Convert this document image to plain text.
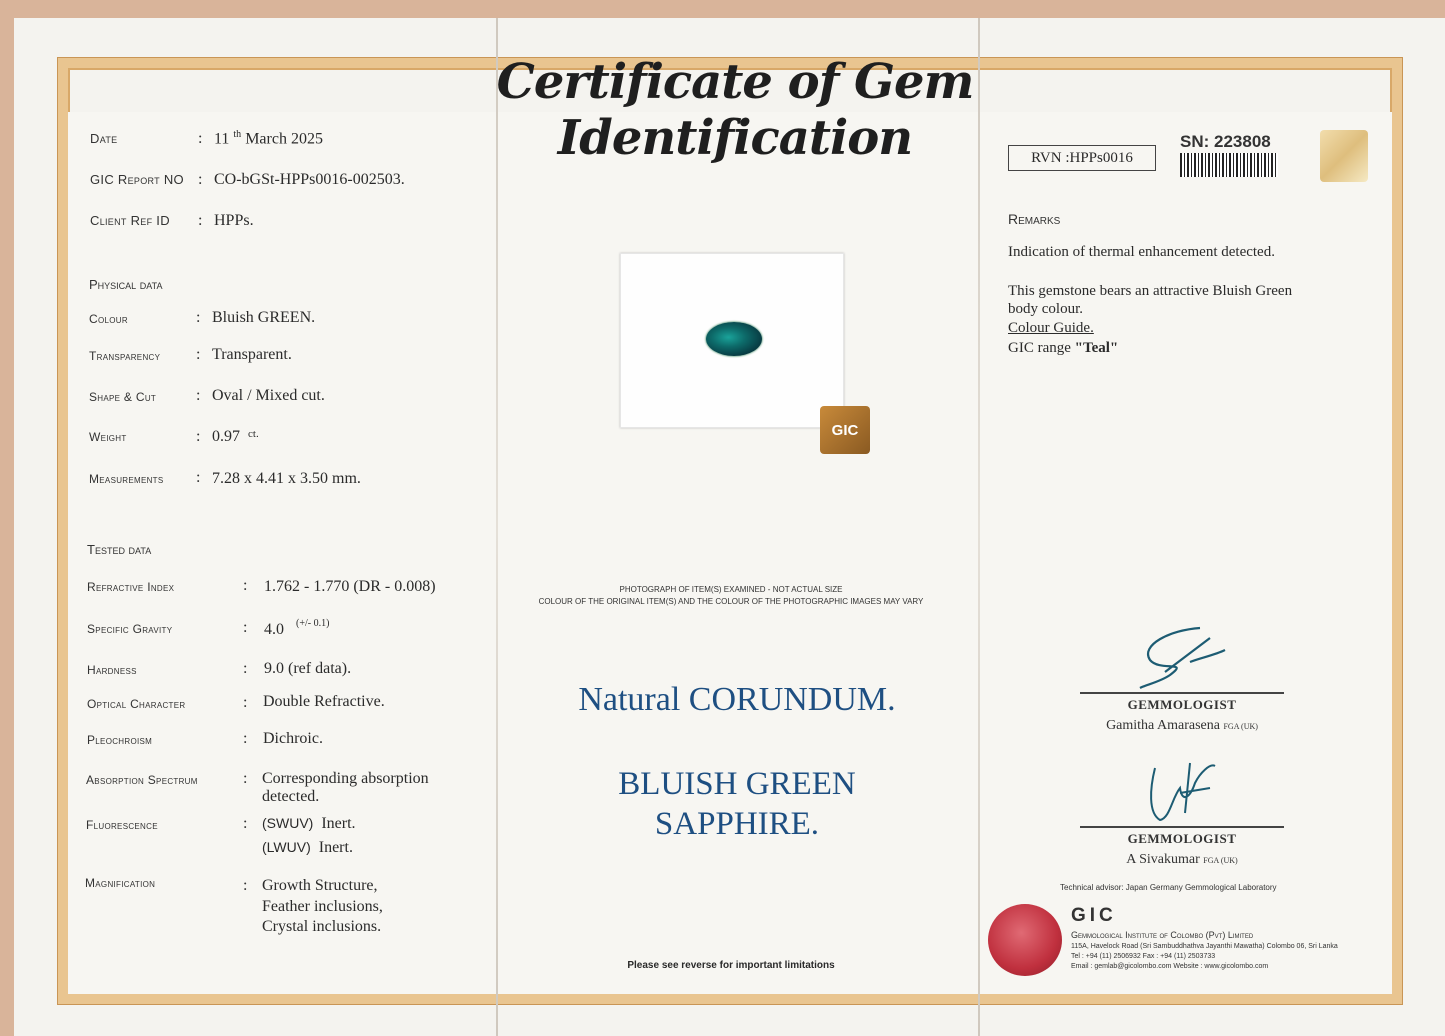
Certificate of Gem Identification
Date	: 11 $^{th}$ March 2025
GIC Report NO : CO-bGSt-HPPs0016-002503.
Client Ref ID : HPPs.
Physical data
Colour	: Bluish GREEN.
Transparency : Transparent.
Shape & Cut : Oval / Mixed cut.
Weight	: 0.97 $^{ct.}$
Measurements : 7.28 x 4.41 x 3.50 mm.
Tested data
Refractive Index	: 1.762 - 1.770 (DR - 0.008)
Specific Gravity	: 4.0 $^{(+/- 0.1)}$
Hardness	: 9.0 (ref data).
Optical Character	: Double Refractive.
Pleochroism	: Dichroic.
Absorption Spectrum	: Corresponding absorption
detected.
Fluorescence	: (SWUV) Inert.
(LWUV) Inert.
Magnification	: Growth Structure,
Feather inclusions,
Crystal inclusions.
GIC
PHOTOGRAPH OF ITEM(S) EXAMINED - NOT ACTUAL SIZE
COLOUR OF THE ORIGINAL ITEM(S) AND THE COLOUR OF THE PHOTOGRAPHIC IMAGES MAY VARY
Natural CORUNDUM.
BLUISH GREEN
SAPPHIRE.
Please see reverse for important limitations
RVN :HPPs0016
SN: 223808
Remarks
Indication of thermal enhancement detected.
This gemstone bears an attractive Bluish Green
body colour.
Colour Guide.
GIC range "Teal"
GEMMOLOGIST
Gamitha Amarasena FGA (UK)
GEMMOLOGIST
A Sivakumar FGA (UK)
Technical advisor: Japan Germany Gemmological Laboratory
GIC
Gemmological Institute of Colombo (Pvt) Limited
115A, Havelock Road (Sri Sambuddhathva Jayanthi Mawatha) Colombo 06, Sri Lanka
Tel : +94 (11) 2506932 Fax : +94 (11) 2503733
Email : gemlab@gicolombo.com Website : www.gicolombo.com
